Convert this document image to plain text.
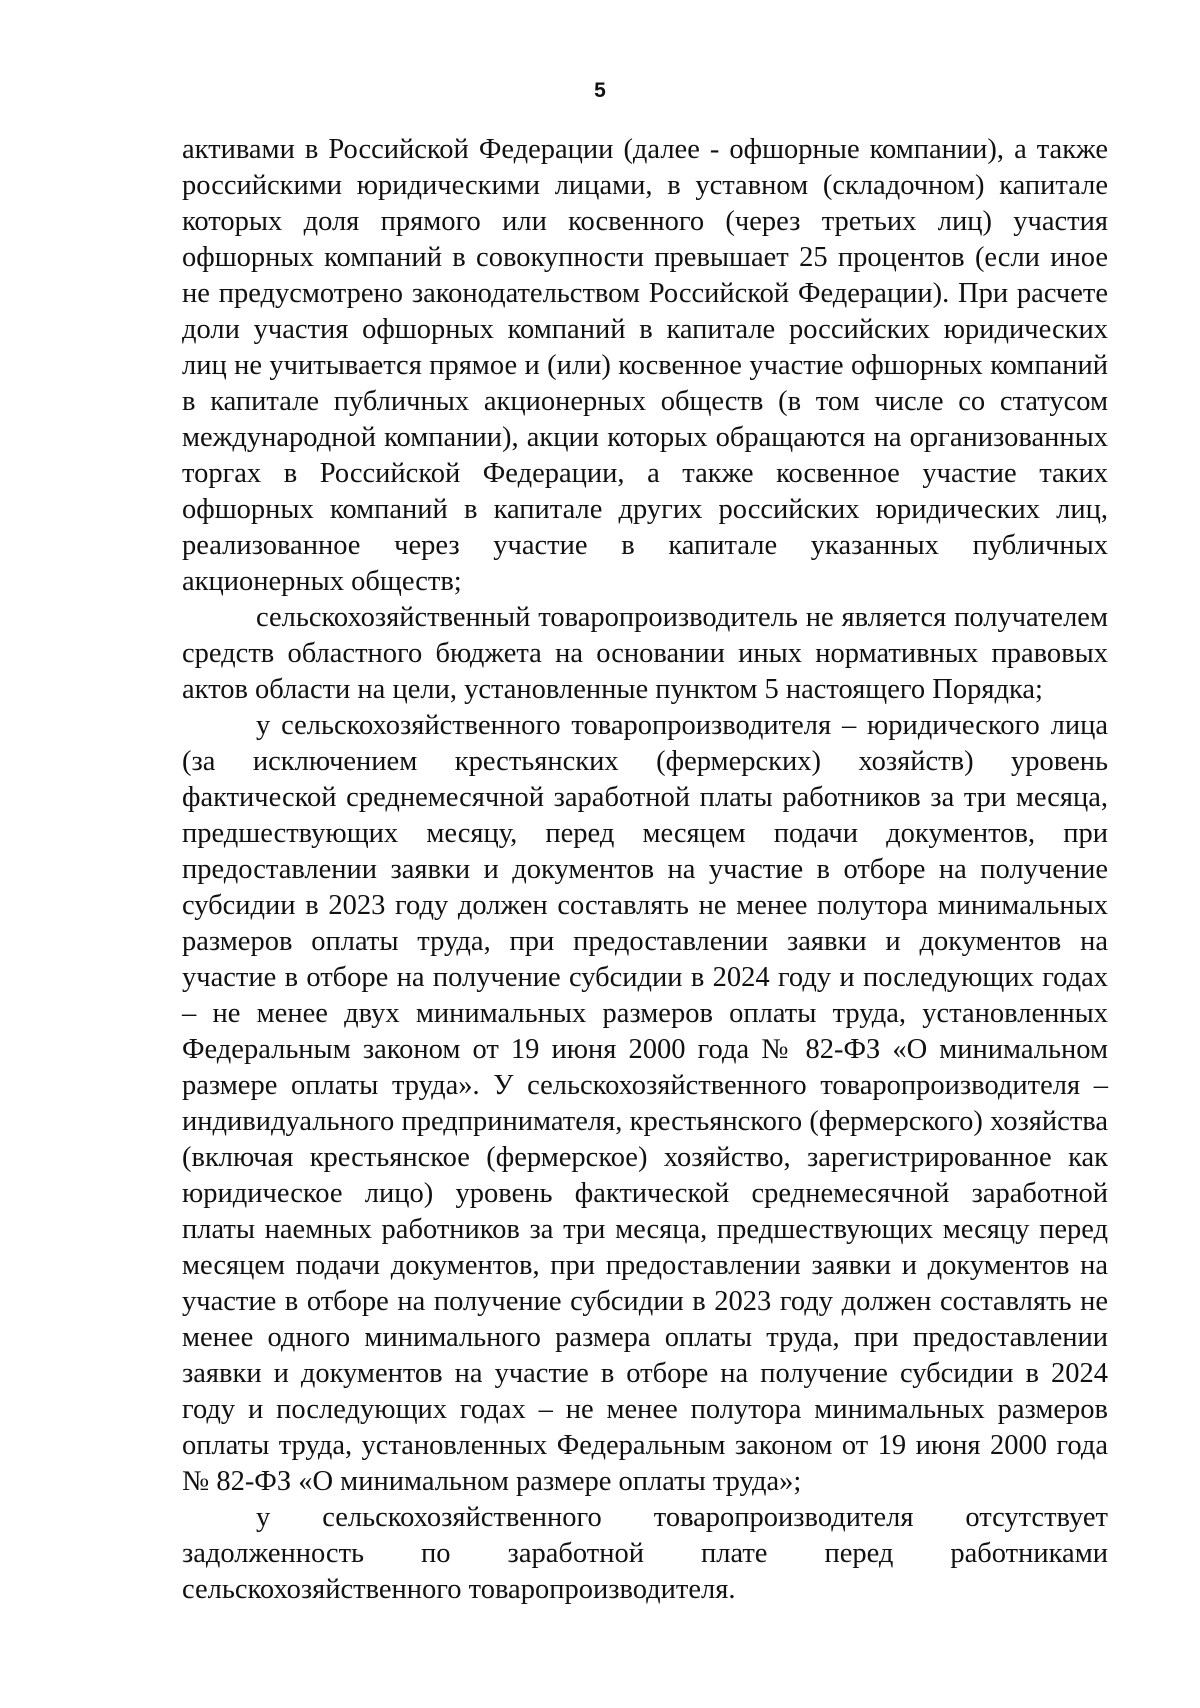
5

активами в Российской Федерации (далее - офшорные компании), а также российскими юридическими лицами, в уставном (складочном) капитале которых доля прямого или косвенного (через третьих лиц) участия офшорных компаний в совокупности превышает 25 процентов (если иное не предусмотрено законодательством Российской Федерации). При расчете доли участия офшорных компаний в капитале российских юридических лиц не учитывается прямое и (или) косвенное участие офшорных компаний в капитале публичных акционерных обществ (в том числе со статусом международной компании), акции которых обращаются на организованных торгах в Российской Федерации, а также косвенное участие таких офшорных компаний в капитале других российских юридических лиц, реализованное через участие в капитале указанных публичных акционерных обществ;

сельскохозяйственный товаропроизводитель не является получателем средств областного бюджета на основании иных нормативных правовых актов области на цели, установленные пунктом 5 настоящего Порядка;

у сельскохозяйственного товаропроизводителя – юридического лица (за исключением крестьянских (фермерских) хозяйств) уровень фактической среднемесячной заработной платы работников за три месяца, предшествующих месяцу, перед месяцем подачи документов, при предоставлении заявки и документов на участие в отборе на получение субсидии в 2023 году должен составлять не менее полутора минимальных размеров оплаты труда, при предоставлении заявки и документов на участие в отборе на получение субсидии в 2024 году и последующих годах – не менее двух минимальных размеров оплаты труда, установленных Федеральным законом от 19 июня 2000 года № 82-ФЗ «О минимальном размере оплаты труда». У сельскохозяйственного товаропроизводителя – индивидуального предпринимателя, крестьянского (фермерского) хозяйства (включая крестьянское (фермерское) хозяйство, зарегистрированное как юридическое лицо) уровень фактической среднемесячной заработной платы наемных работников за три месяца, предшествующих месяцу перед месяцем подачи документов, при предоставлении заявки и документов на участие в отборе на получение субсидии в 2023 году должен составлять не менее одного минимального размера оплаты труда, при предоставлении заявки и документов на участие в отборе на получение субсидии в 2024 году и последующих годах – не менее полутора минимальных размеров оплаты труда, установленных Федеральным законом от 19 июня 2000 года № 82-ФЗ «О минимальном размере оплаты труда»;

у сельскохозяйственного товаропроизводителя отсутствует задолженность по заработной плате перед работниками сельскохозяйственного товаропроизводителя.
